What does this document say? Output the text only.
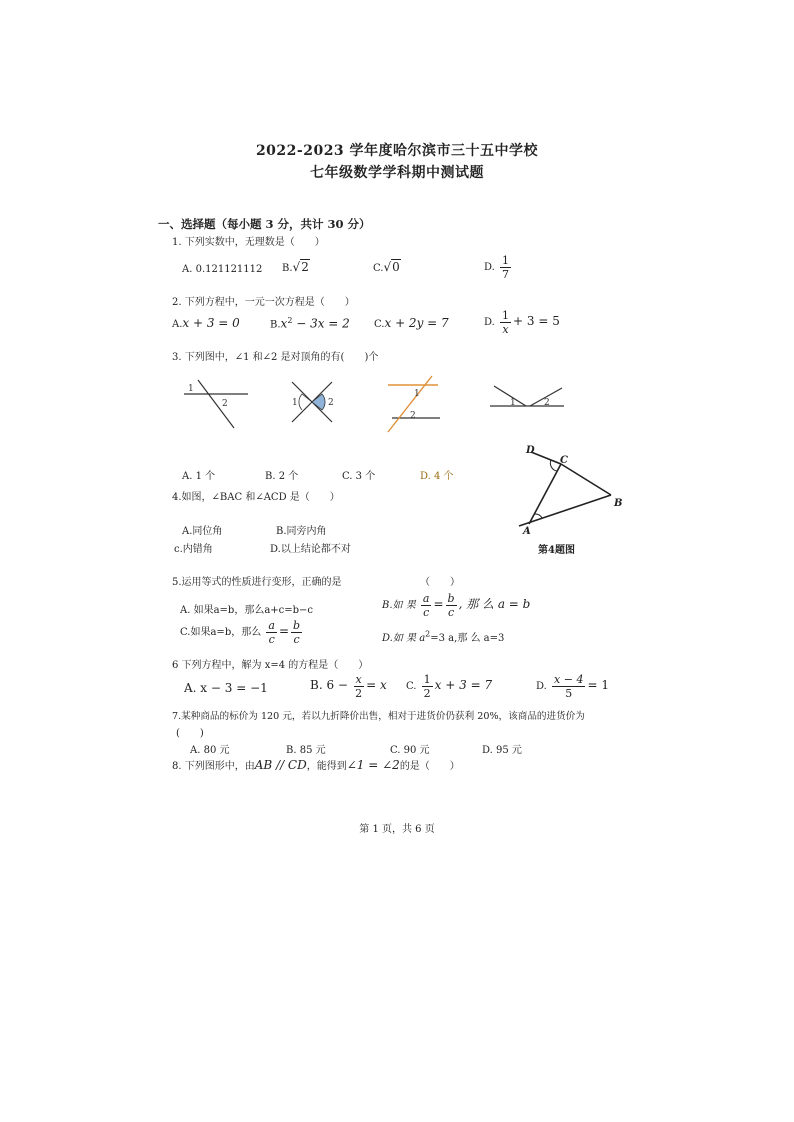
2022-2023 学年度哈尔滨市三十五中学校
七年级数学学科期中测试题
一、选择题（每小题 3 分，共计 30 分）
1. 下列实数中，无理数是（　　）
A. 0.121121112 B.√2	C.√0	D. $\frac{1}{7}$
2. 下列方程中，一元一次方程是（　　）
A.x + 3 = 0	$B.x^2 - 3x = 2$ C.x + 2y = 7	D. $\frac{1}{x} + 3 = 5$
3. 下列图中，∠1 和∠2 是对顶角的有(　　)个
1
2	1	2
1
2
1	2
A. 1 个	B. 2 个	C. 3 个	D. 4 个
D
C
B
A
第4题图
4.如图，∠BAC 和∠ACD 是（　　）
A.同位角	B.同旁内角
c.内错角	D.以上结论都不对
5.运用等式的性质进行变形，正确的是	（　　）
A. 如果a=b，那么a+c=b−c	B.如 果 $\frac{a}{c} = \frac{b}{c}$ , 那 么 a = b
C.如果a=b，那么 $\frac{a}{c} = \frac{b}{c}$	D.如 果 $a^2=3$ a,那 么 a=3
6 下列方程中，解为 x=4 的方程是（　　）
A. x − 3 = −1	B. $6 - \frac{x}{2} = x$ C. $\frac{1}{2}$ x + 3 = 7	D. $\frac{x - 4}{5} = 1$
7.某种商品的标价为 120 元，若以九折降价出售，相对于进货价仍获利 20%，该商品的进货价为
(　　)
A. 80 元	B. 85 元	C. 90 元	D. 95 元
8. 下列图形中，由AB // CD，能得到∠1 = ∠2的是（　　）
第 1 页，共 6 页
